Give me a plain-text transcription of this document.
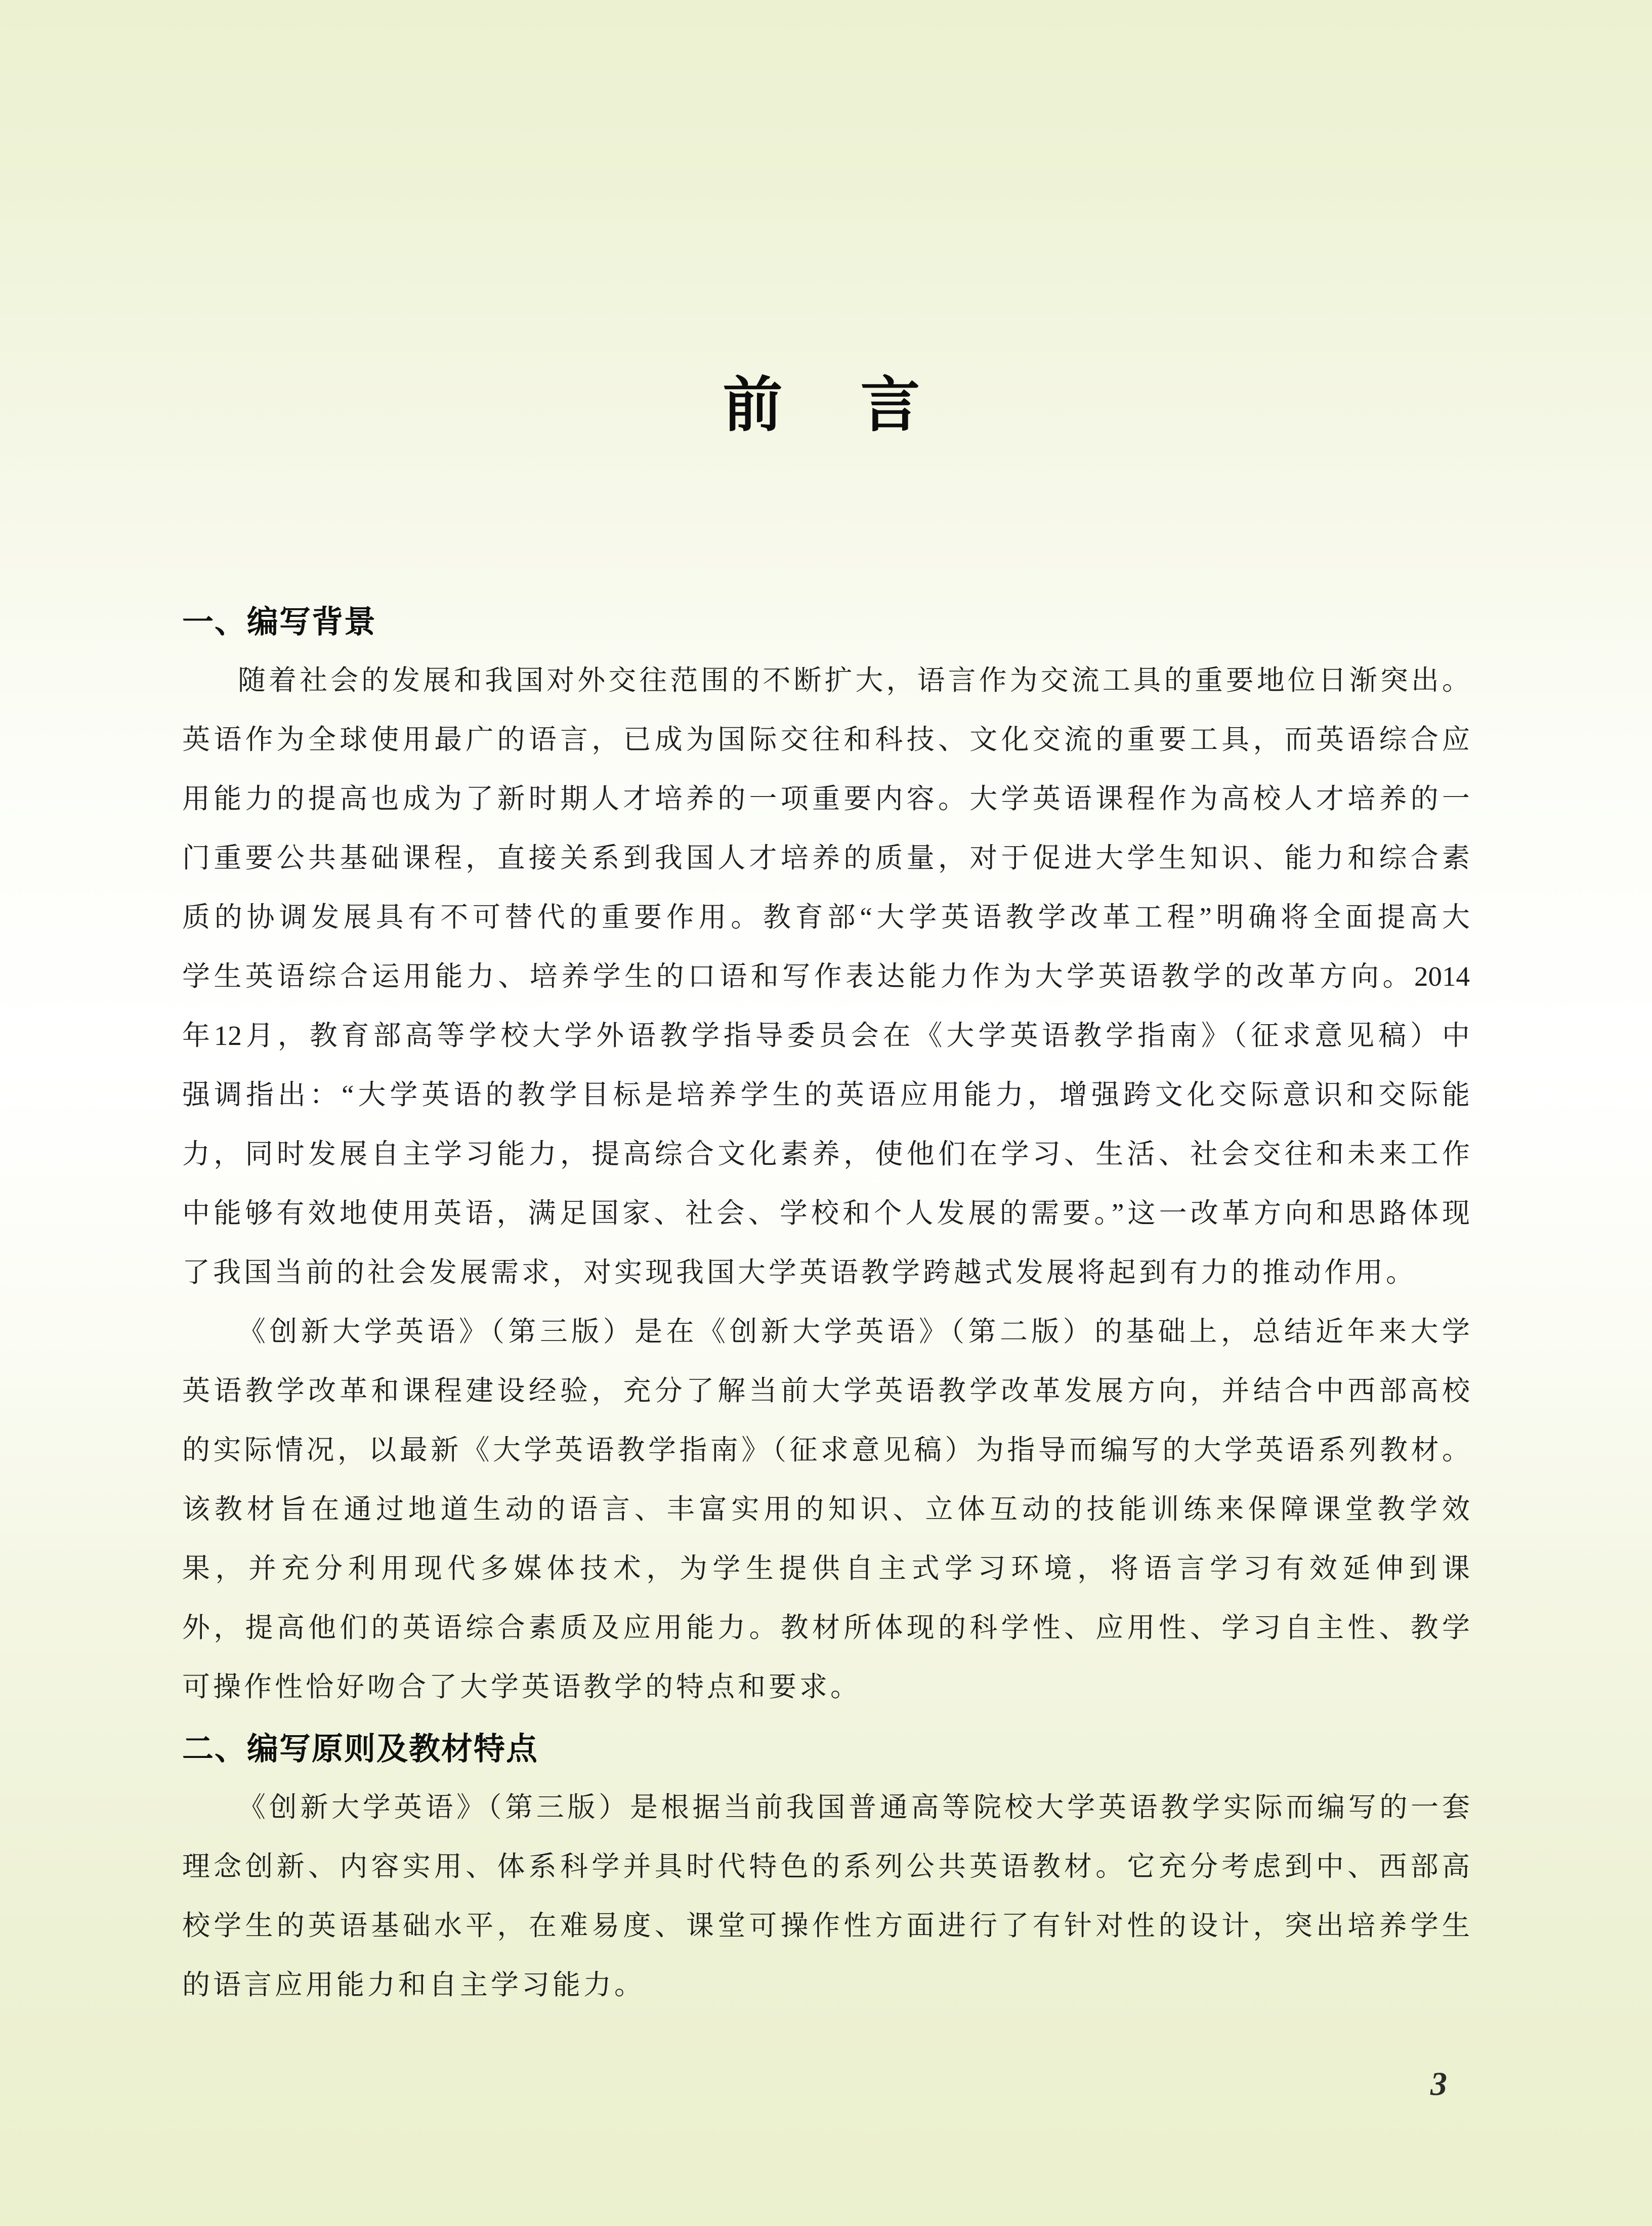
前　言
一、编写背景
随着社会的发展和我国对外交往范围的不断扩大，语言作为交流工具的重要地位日渐突出。
英语作为全球使用最广的语言，已成为国际交往和科技、文化交流的重要工具，而英语综合应
用能力的提高也成为了新时期人才培养的一项重要内容。大学英语课程作为高校人才培养的一
门重要公共基础课程，直接关系到我国人才培养的质量，对于促进大学生知识、能力和综合素
质的协调发展具有不可替代的重要作用。教育部“大学英语教学改革工程”明确将全面提高大
学生英语综合运用能力、培养学生的口语和写作表达能力作为大学英语教学的改革方向。2014
年12月，教育部高等学校大学外语教学指导委员会在《大学英语教学指南》（征求意见稿）中
强调指出：“大学英语的教学目标是培养学生的英语应用能力，增强跨文化交际意识和交际能
力，同时发展自主学习能力，提高综合文化素养，使他们在学习、生活、社会交往和未来工作
中能够有效地使用英语，满足国家、社会、学校和个人发展的需要。”这一改革方向和思路体现
了我国当前的社会发展需求，对实现我国大学英语教学跨越式发展将起到有力的推动作用。
《创新大学英语》（第三版）是在《创新大学英语》（第二版）的基础上，总结近年来大学
英语教学改革和课程建设经验，充分了解当前大学英语教学改革发展方向，并结合中西部高校
的实际情况，以最新《大学英语教学指南》（征求意见稿）为指导而编写的大学英语系列教材。
该教材旨在通过地道生动的语言、丰富实用的知识、立体互动的技能训练来保障课堂教学效
果，并充分利用现代多媒体技术，为学生提供自主式学习环境，将语言学习有效延伸到课
外，提高他们的英语综合素质及应用能力。教材所体现的科学性、应用性、学习自主性、教学
可操作性恰好吻合了大学英语教学的特点和要求。
二、编写原则及教材特点
《创新大学英语》（第三版）是根据当前我国普通高等院校大学英语教学实际而编写的一套
理念创新、内容实用、体系科学并具时代特色的系列公共英语教材。它充分考虑到中、西部高
校学生的英语基础水平，在难易度、课堂可操作性方面进行了有针对性的设计，突出培养学生
的语言应用能力和自主学习能力。
3
